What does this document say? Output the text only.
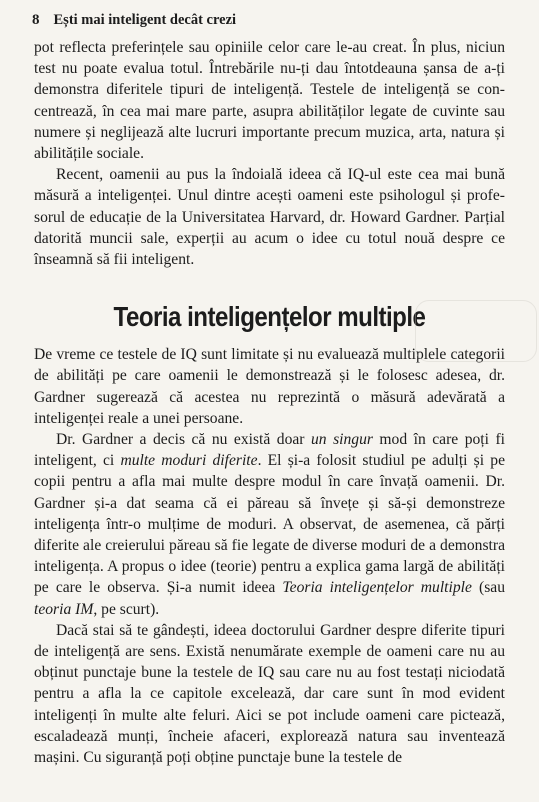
8 Ești mai inteligent decât crezi

pot reflecta preferințele sau opiniile celor care le-au creat. În plus, niciun test nu poate evalua totul. Întrebările nu-ți dau întotdeauna șansa de a-ți demonstra diferitele tipuri de inteligență. Testele de inteligență se concentrează, în cea mai mare parte, asupra abilităților legate de cuvinte sau numere și neglijează alte lucruri importante precum muzica, arta, natura și abilitățile sociale.

Recent, oamenii au pus la îndoială ideea că IQ-ul este cea mai bună măsură a inteligenței. Unul dintre acești oameni este psihologul și profesorul de educație de la Universitatea Harvard, dr. Howard Gardner. Parțial datorită muncii sale, experții au acum o idee cu totul nouă despre ce înseamnă să fii inteligent.

Teoria inteligențelor multiple

De vreme ce testele de IQ sunt limitate și nu evaluează multiplele categorii de abilități pe care oamenii le demonstrează și le folosesc adesea, dr. Gardner sugerează că acestea nu reprezintă o măsură adevărată a inteligenței reale a unei persoane.

Dr. Gardner a decis că nu există doar un singur mod în care poți fi inteligent, ci multe moduri diferite. El și-a folosit studiul pe adulți și pe copii pentru a afla mai multe despre modul în care învață oamenii. Dr. Gardner și-a dat seama că ei păreau să învețe și să-și demonstreze inteligența într-o mulțime de moduri. A observat, de asemenea, că părți diferite ale creierului păreau să fie legate de diverse moduri de a demonstra inteligența. A propus o idee (teorie) pentru a explica gama largă de abilități pe care le observa. Și-a numit ideea Teoria inteligențelor multiple (sau teoria IM, pe scurt).

Dacă stai să te gândești, ideea doctorului Gardner despre diferite tipuri de inteligență are sens. Există nenumărate exemple de oameni care nu au obținut punctaje bune la testele de IQ sau care nu au fost testați niciodată pentru a afla la ce capitole excelează, dar care sunt în mod evident inteligenți în multe alte feluri. Aici se pot include oameni care pictează, escaladează munți, încheie afaceri, explorează natura sau inventează mașini. Cu siguranță poți obține punctaje bune la testele de
